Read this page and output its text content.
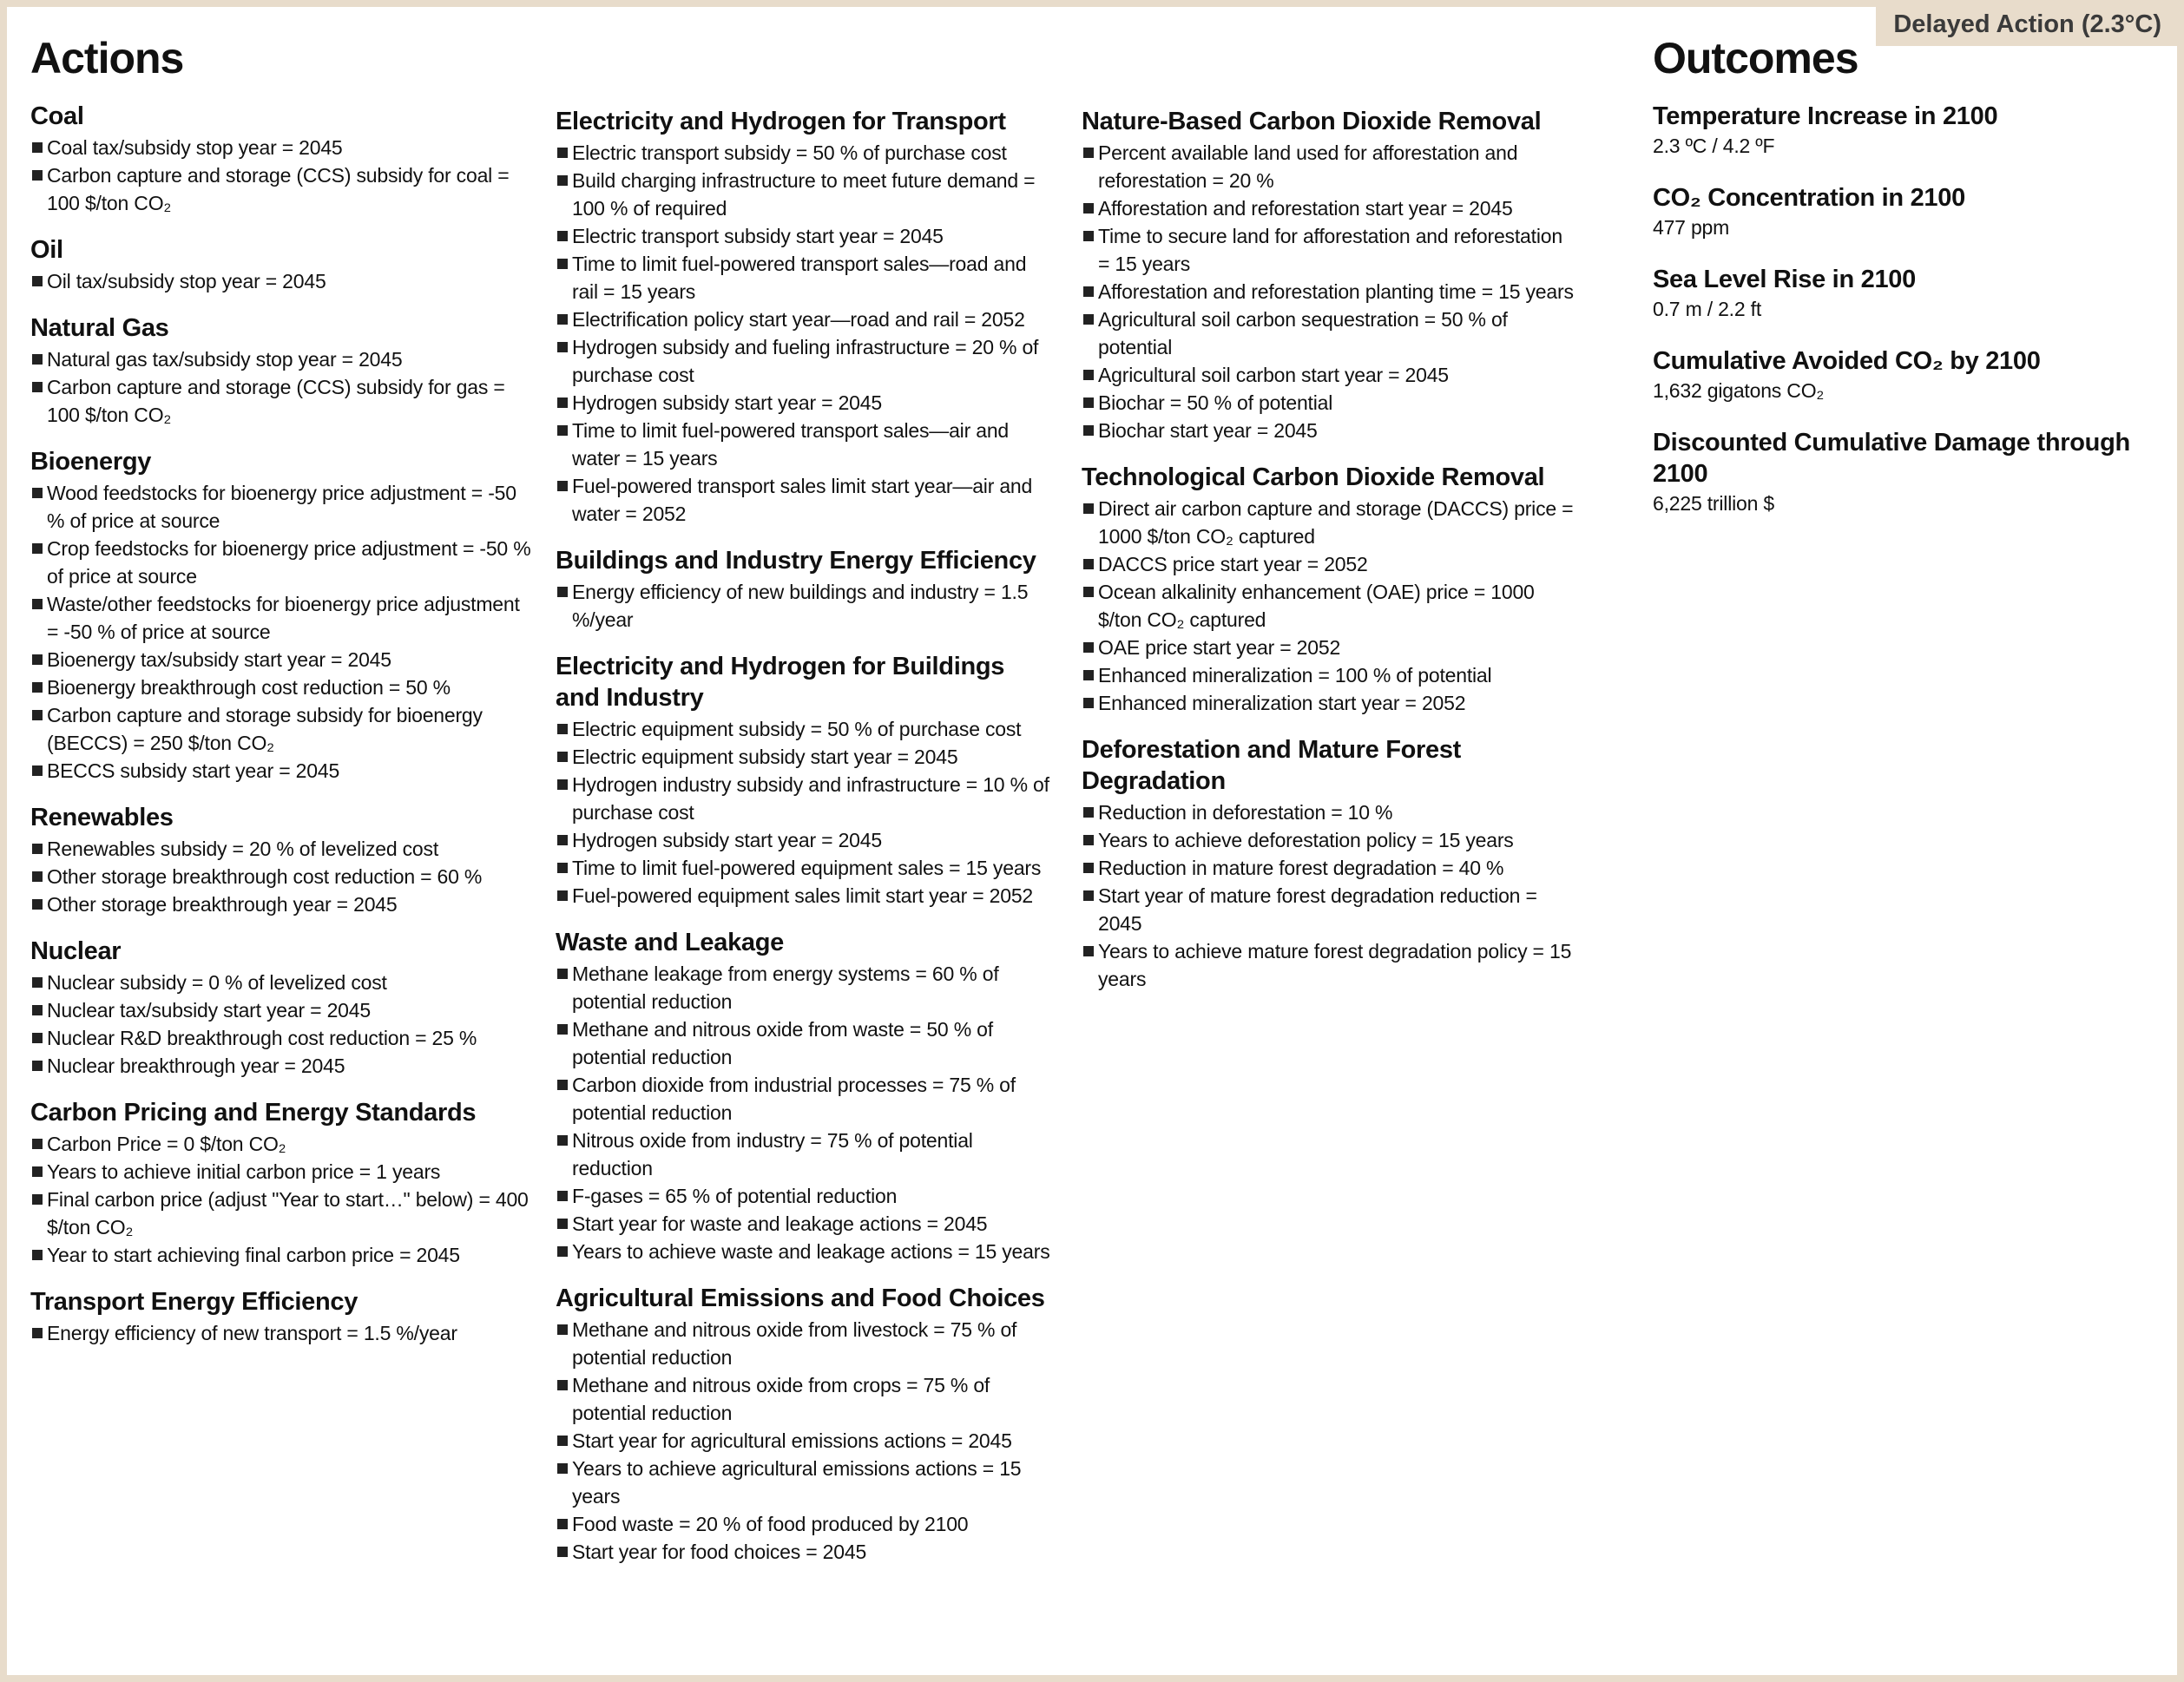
Delayed Action (2.3°C)
Actions
Coal
Coal tax/subsidy stop year = 2045
Carbon capture and storage (CCS) subsidy for coal = 100 $/ton CO₂
Oil
Oil tax/subsidy stop year = 2045
Natural Gas
Natural gas tax/subsidy stop year = 2045
Carbon capture and storage (CCS) subsidy for gas = 100 $/ton CO₂
Bioenergy
Wood feedstocks for bioenergy price adjustment = -50 % of price at source
Crop feedstocks for bioenergy price adjustment = -50 % of price at source
Waste/other feedstocks for bioenergy price adjustment = -50 % of price at source
Bioenergy tax/subsidy start year = 2045
Bioenergy breakthrough cost reduction = 50 %
Carbon capture and storage subsidy for bioenergy (BECCS) = 250 $/ton CO₂
BECCS subsidy start year = 2045
Renewables
Renewables subsidy = 20 % of levelized cost
Other storage breakthrough cost reduction = 60 %
Other storage breakthrough year = 2045
Nuclear
Nuclear subsidy = 0 % of levelized cost
Nuclear tax/subsidy start year = 2045
Nuclear R&D breakthrough cost reduction = 25 %
Nuclear breakthrough year = 2045
Carbon Pricing and Energy Standards
Carbon Price = 0 $/ton CO₂
Years to achieve initial carbon price = 1 years
Final carbon price (adjust "Year to start…" below) = 400 $/ton CO₂
Year to start achieving final carbon price = 2045
Transport Energy Efficiency
Energy efficiency of new transport = 1.5 %/year
Electricity and Hydrogen for Transport
Electric transport subsidy = 50 % of purchase cost
Build charging infrastructure to meet future demand = 100 % of required
Electric transport subsidy start year = 2045
Time to limit fuel-powered transport sales—road and rail = 15 years
Electrification policy start year—road and rail = 2052
Hydrogen subsidy and fueling infrastructure = 20 % of purchase cost
Hydrogen subsidy start year = 2045
Time to limit fuel-powered transport sales—air and water = 15 years
Fuel-powered transport sales limit start year—air and water = 2052
Buildings and Industry Energy Efficiency
Energy efficiency of new buildings and industry = 1.5 %/year
Electricity and Hydrogen for Buildings and Industry
Electric equipment subsidy = 50 % of purchase cost
Electric equipment subsidy start year = 2045
Hydrogen industry subsidy and infrastructure = 10 % of purchase cost
Hydrogen subsidy start year = 2045
Time to limit fuel-powered equipment sales = 15 years
Fuel-powered equipment sales limit start year = 2052
Waste and Leakage
Methane leakage from energy systems = 60 % of potential reduction
Methane and nitrous oxide from waste = 50 % of potential reduction
Carbon dioxide from industrial processes = 75 % of potential reduction
Nitrous oxide from industry = 75 % of potential reduction
F-gases = 65 % of potential reduction
Start year for waste and leakage actions = 2045
Years to achieve waste and leakage actions = 15 years
Agricultural Emissions and Food Choices
Methane and nitrous oxide from livestock = 75 % of potential reduction
Methane and nitrous oxide from crops = 75 % of potential reduction
Start year for agricultural emissions actions = 2045
Years to achieve agricultural emissions actions = 15 years
Food waste = 20 % of food produced by 2100
Start year for food choices = 2045
Nature-Based Carbon Dioxide Removal
Percent available land used for afforestation and reforestation = 20 %
Afforestation and reforestation start year = 2045
Time to secure land for afforestation and reforestation = 15 years
Afforestation and reforestation planting time = 15 years
Agricultural soil carbon sequestration = 50 % of potential
Agricultural soil carbon start year = 2045
Biochar = 50 % of potential
Biochar start year = 2045
Technological Carbon Dioxide Removal
Direct air carbon capture and storage (DACCS) price = 1000 $/ton CO₂ captured
DACCS price start year = 2052
Ocean alkalinity enhancement (OAE) price = 1000 $/ton CO₂ captured
OAE price start year = 2052
Enhanced mineralization = 100 % of potential
Enhanced mineralization start year = 2052
Deforestation and Mature Forest Degradation
Reduction in deforestation = 10 %
Years to achieve deforestation policy = 15 years
Reduction in mature forest degradation = 40 %
Start year of mature forest degradation reduction = 2045
Years to achieve mature forest degradation policy = 15 years
Outcomes
Temperature Increase in 2100
2.3 ºC / 4.2 ºF
CO₂ Concentration in 2100
477 ppm
Sea Level Rise in 2100
0.7 m / 2.2 ft
Cumulative Avoided CO₂ by 2100
1,632 gigatons CO₂
Discounted Cumulative Damage through 2100
6,225 trillion $
